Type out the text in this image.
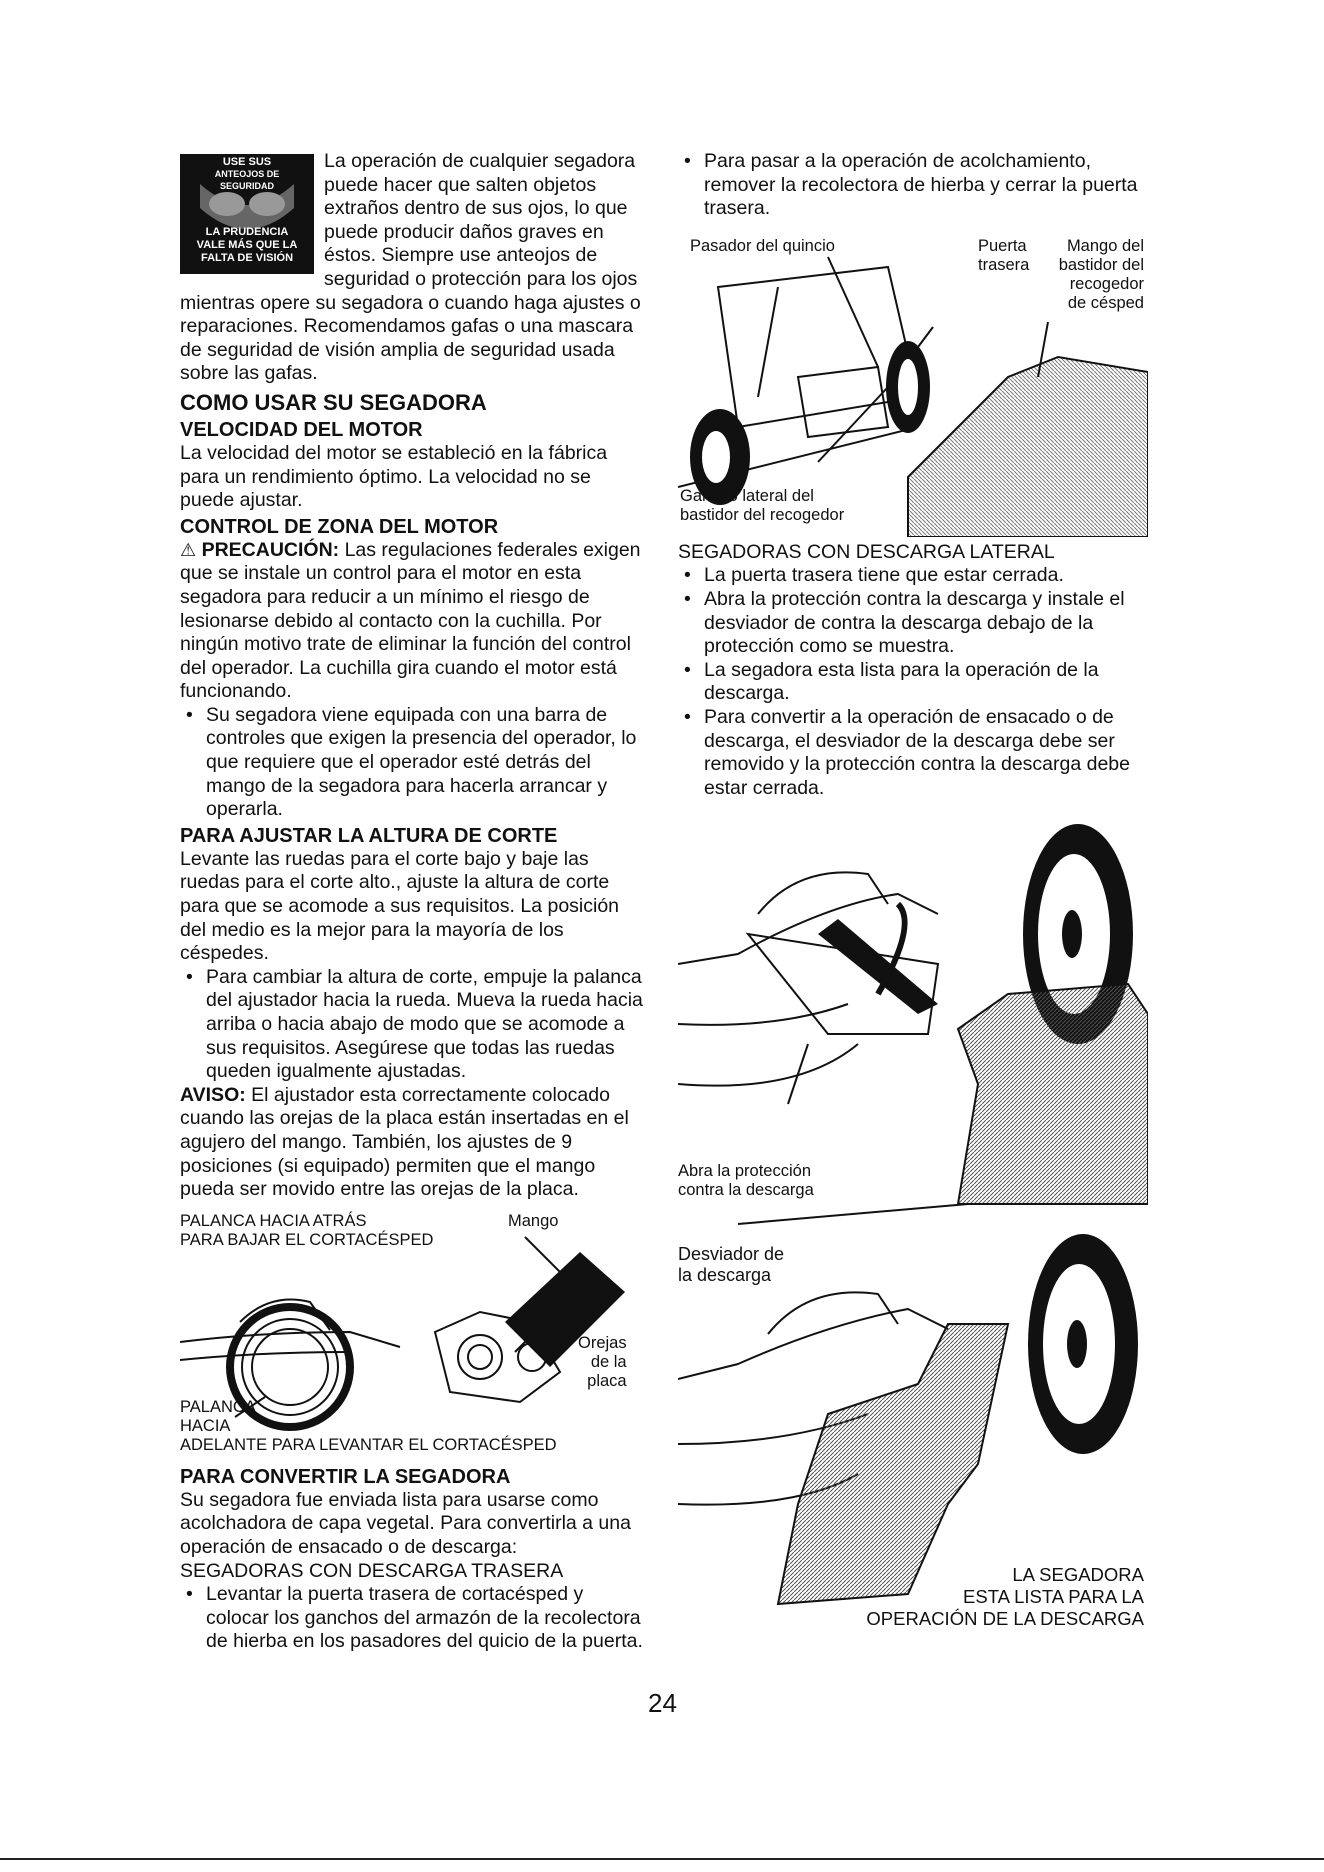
USE SUS
ANTEOJOS DE
SEGURIDAD
LA PRUDENCIA
VALE MÁS QUE LA
FALTA DE VISIÓN

La operación de cualquier segadora puede hacer que salten objetos extraños dentro de sus ojos, lo que puede producir daños graves en éstos. Siempre use anteojos de seguridad o protección para los ojos mientras opere su segadora o cuando haga ajustes o reparaciones. Recomendamos gafas o una mascara de seguridad de visión amplia de seguridad usada sobre las gafas.

COMO USAR SU SEGADORA

VELOCIDAD DEL MOTOR

La velocidad del motor se estableció en la fábrica para un rendimiento óptimo. La velocidad no se puede ajustar.

CONTROL DE ZONA DEL MOTOR

⚠ PRECAUCIÓN: Las regulaciones federales exigen que se instale un control para el motor en esta segadora para reducir a un mínimo el riesgo de lesionarse debido al contacto con la cuchilla. Por ningún motivo trate de eliminar la función del control del operador. La cuchilla gira cuando el motor está funcionando.

• Su segadora viene equipada con una barra de controles que exigen la presencia del operador, lo que requiere que el operador esté detrás del mango de la segadora para hacerla arrancar y operarla.

PARA AJUSTAR LA ALTURA DE CORTE

Levante las ruedas para el corte bajo y baje las ruedas para el corte alto., ajuste la altura de corte para que se acomode a sus requisitos. La posición del medio es la mejor para la mayoría de los céspedes.

• Para cambiar la altura de corte, empuje la palanca del ajustador hacia la rueda. Mueva la rueda hacia arriba o hacia abajo de modo que se acomode a sus requisitos. Asegúrese que todas las ruedas queden igualmente ajustadas.

AVISO: El ajustador esta correctamente colocado cuando las orejas de la placa están insertadas en el agujero del mango. También, los ajustes de 9 posiciones (si equipado) permiten que el mango pueda ser movido entre las orejas de la placa.

PALANCA HACIA ATRÁS
PARA BAJAR EL CORTACÉSPED
Mango
Orejas
de la
placa
PALANCA
HACIA
ADELANTE PARA LEVANTAR EL CORTACÉSPED

PARA CONVERTIR LA SEGADORA

Su segadora fue enviada lista para usarse como acolchadora de capa vegetal. Para convertirla a una operación de ensacado o de descarga:

SEGADORAS CON DESCARGA TRASERA

• Levantar la puerta trasera de cortacésped y colocar los ganchos del armazón de la recolectora de hierba en los pasadores del quicio de la puerta.

• Para pasar a la operación de acolchamiento, remover la recolectora de hierba y cerrar la puerta trasera.

Pasador del quincio	Puerta
trasera
Mango del
bastidor del
recogedor
de césped
Gancho lateral del
bastidor del recogedor

SEGADORAS CON DESCARGA LATERAL

• La puerta trasera tiene que estar cerrada.

• Abra la protección contra la descarga y instale el desviador de contra la descarga debajo de la protección como se muestra.

• La segadora esta lista para la operación de la descarga.

• Para convertir a la operación de ensacado o de descarga, el desviador de la descarga debe ser removido y la protección contra la descarga debe estar cerrada.

Abra la protección
contra la descarga
Desviador de
la descarga
LA SEGADORA
ESTA LISTA PARA LA
OPERACIÓN DE LA DESCARGA
24
